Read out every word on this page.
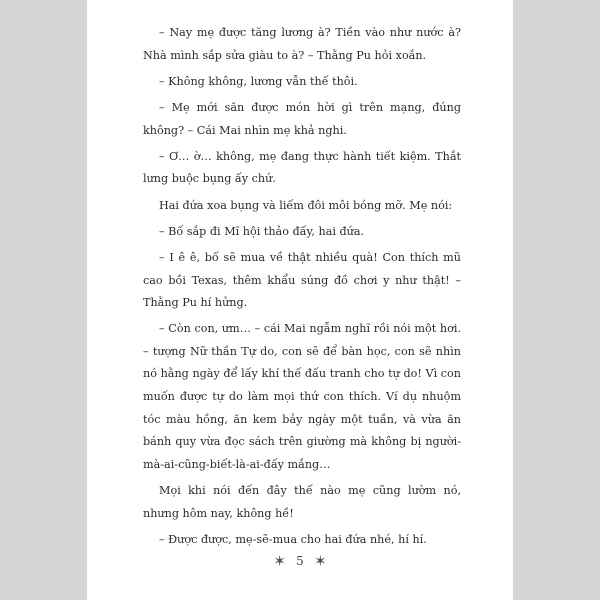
– Nay mẹ được tăng lương à? Tiền vào như nước à? Nhà mình sắp sửa giàu to à? – Thằng Pu hỏi xoắn.

– Không không, lương vẫn thế thôi.

– Mẹ mới săn được món hời gì trên mạng, đúng không? – Cái Mai nhìn mẹ khả nghi.

– Ơ… ờ… không, mẹ đang thực hành tiết kiệm. Thắt lưng buộc bụng ấy chứ.

Hai đứa xoa bụng và liếm đôi môi bóng mỡ. Mẹ nói:

– Bố sắp đi Mĩ hội thảo đấy, hai đứa.

– I ê ê, bố sẽ mua về thật nhiều quà! Con thích mũ cao bồi Texas, thêm khẩu súng đồ chơi y như thật! – Thằng Pu hí hửng.

– Còn con, ưm… – cái Mai ngẫm nghĩ rồi nói một hơi. – tượng Nữ thần Tự do, con sẽ để bàn học, con sẽ nhìn nó hằng ngày để lấy khí thế đấu tranh cho tự do! Vì con muốn được tự do làm mọi thứ con thích. Ví dụ nhuộm tóc màu hồng, ăn kem bảy ngày một tuần, và vừa ăn bánh quy vừa đọc sách trên giường mà không bị người-mà-ai-cũng-biết-là-ai-đấy mắng…

Mọi khi nói đến đây thế nào mẹ cũng lườm nó, nhưng hôm nay, không hề!

– Được được, mẹ-sẽ-mua cho hai đứa nhé, hí hí.

✶ 5 ✶
